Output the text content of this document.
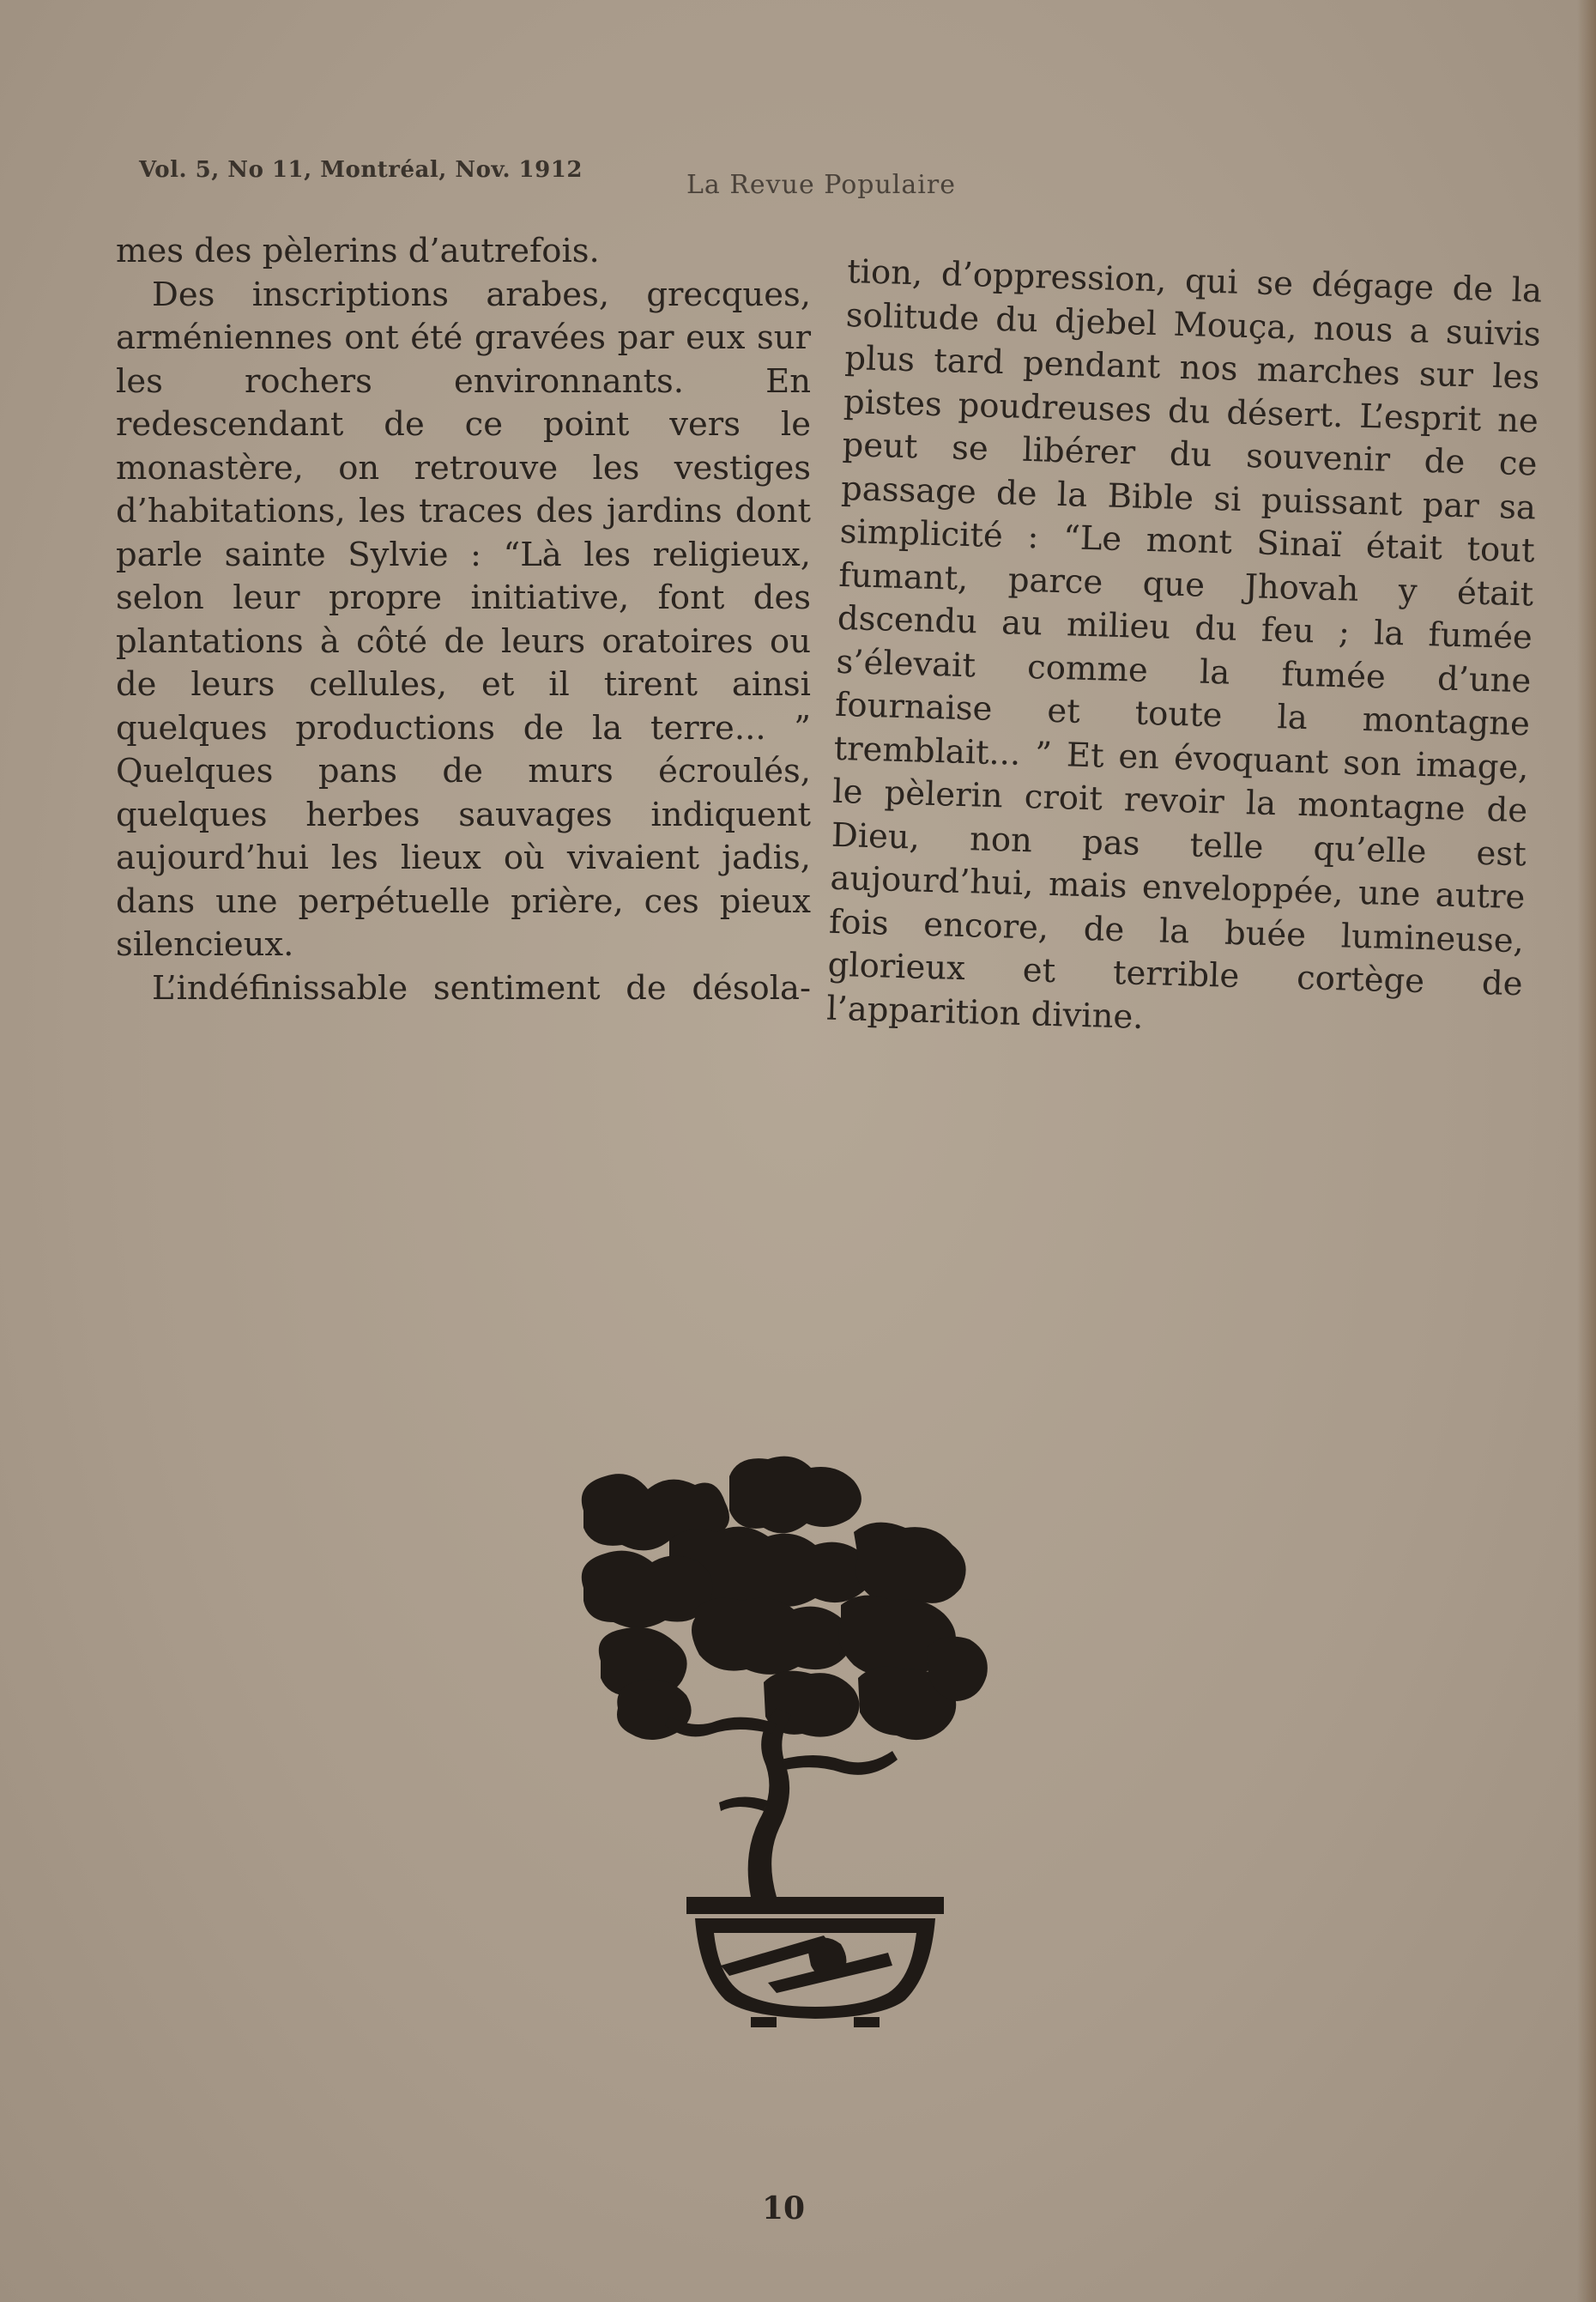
Vol. 5, No 11, Montréal, Nov. 1912	La Revue Populaire

mes des pèlerins d’autrefois.

Des inscriptions arabes, grecques, arméniennes ont été gravées par eux sur les rochers environnants. En redescendant de ce point vers le monastère, on retrouve les vestiges d’habitations, les traces des jardins dont parle sainte Sylvie : “Là les religieux, selon leur propre initiative, font des plantations à côté de leurs oratoires ou de leurs cellules, et il tirent ainsi quelques productions de la terre... ” Quelques pans de murs écroulés, quelques herbes sauvages indiquent aujourd’hui les lieux où vivaient jadis, dans une perpétuelle prière, ces pieux silencieux.

L’indéfinissable sentiment de désola-

tion, d’oppression, qui se dégage de la solitude du djebel Mouça, nous a suivis plus tard pendant nos marches sur les pistes poudreuses du désert. L’esprit ne peut se libérer du souvenir de ce passage de la Bible si puissant par sa simplicité : “Le mont Sinaï était tout fumant, parce que Jhovah y était dscendu au milieu du feu ; la fumée s’élevait comme la fumée d’une fournaise et toute la montagne tremblait... ” Et en évoquant son image, le pèlerin croit revoir la montagne de Dieu, non pas telle qu’elle est aujourd’hui, mais enveloppée, une autre fois encore, de la buée lumineuse, glorieux et terrible cortège de l’apparition divine.

10
